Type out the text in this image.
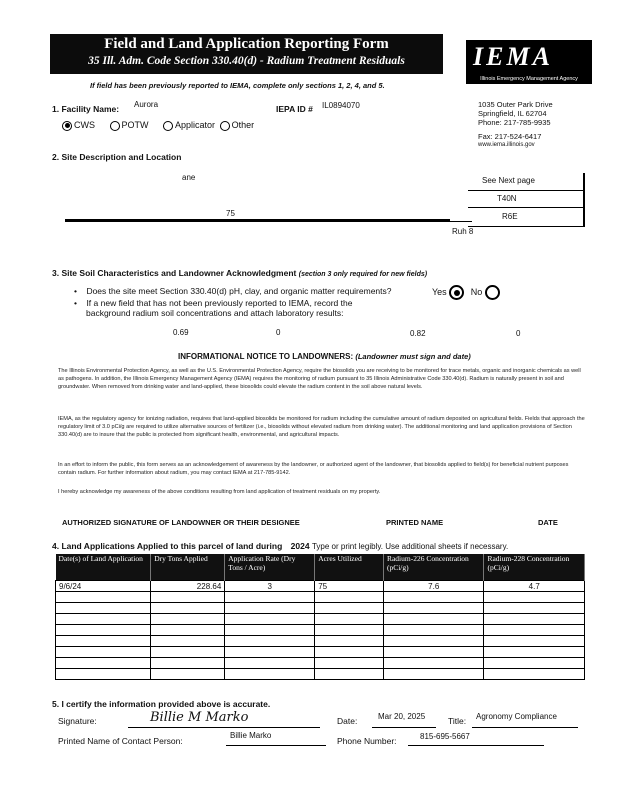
Field and Land Application Reporting Form
35 Ill. Adm. Code Section 330.40(d) - Radium Treatment Residuals	IEMA
Illinois Emergency Management Agency
If field has been previously reported to IEMA, complete only sections 1, 2, 4, and 5.
1035 Outer Park Drive
Springfield, IL 62704
Phone: 217-785-9935
Fax: 217-524-6417
www.iema.illinois.gov
1. Facility Name: Aurora	IEPA ID # IL0894070
CWS	POTW	Applicator Other
2. Site Description and Location
ane	See Next page
T40N
R6E
75
Ruh 8
3. Site Soil Characteristics and Landowner Acknowledgment (section 3 only required for new fields)
•    Does the site meet Section 330.40(d) pH, clay, and organic matter requirements?	Yes	No
•    If a new field that has not been previously reported to IEMA, record the
background radium soil concentrations and attach laboratory results:
0.69	0	0.82	0
INFORMATIONAL NOTICE TO LANDOWNERS: (Landowner must sign and date)
The Illinois Environmental Protection Agency, as well as the U.S. Environmental Protection Agency, require the biosolids you are receiving to be monitored for trace metals, organic and inorganic chemicals as well as pathogens. In addition, the Illinois Emergency Management Agency (IEMA) requires the monitoring of radium pursuant to 35 Illinois Administrative Code 330.40(d). Radium is naturally present in soil and groundwater. When removed from drinking water and land-applied, these biosolids could elevate the radium content in the soil above natural levels.
IEMA, as the regulatory agency for ionizing radiation, requires that land-applied biosolids be monitored for radium including the cumulative amount of radium deposited on agricultural fields. Fields that approach the regulatory limit of 3.0 pCi/g are required to utilize alternative sources of fertilizer (i.e., biosolids without elevated radium from drinking water). The additional monitoring and land application provisions of Section 330.40(d) are to insure that the public is protected from significant health, environmental, and agricultural impacts.
In an effort to inform the public, this form serves as an acknowledgement of awareness by the landowner, or authorized agent of the landowner, that biosolids applied to field(s) for beneficial nutrient purposes contain radium. For further information about radium, you may contact IEMA at 217-785-9142.
I hereby acknowledge my awareness of the above conditions resulting from land application of treatment residuals on my property.
AUTHORIZED SIGNATURE OF LANDOWNER OR THEIR DESIGNEE	PRINTED NAME	DATE
4. Land Applications Applied to this parcel of land during 2024 Type or print legibly. Use additional sheets if necessary.
Date(s) of Land Application	Dry Tons Applied	Application Rate (Dry Tons / Acre)	Acres Utilized	Radium-226 Concentration (pCi/g)	Radium-228 Concentration (pCi/g)
9/6/24	228.64	3	75	7.6	4.7

5. I certify the information provided above is accurate.
Signature:	Billie M Marko	Date:	Mar 20, 2025	Title: Agronomy Compliance
Printed Name of Contact Person:
Billie Marko
Phone Number:	815-695-5667
